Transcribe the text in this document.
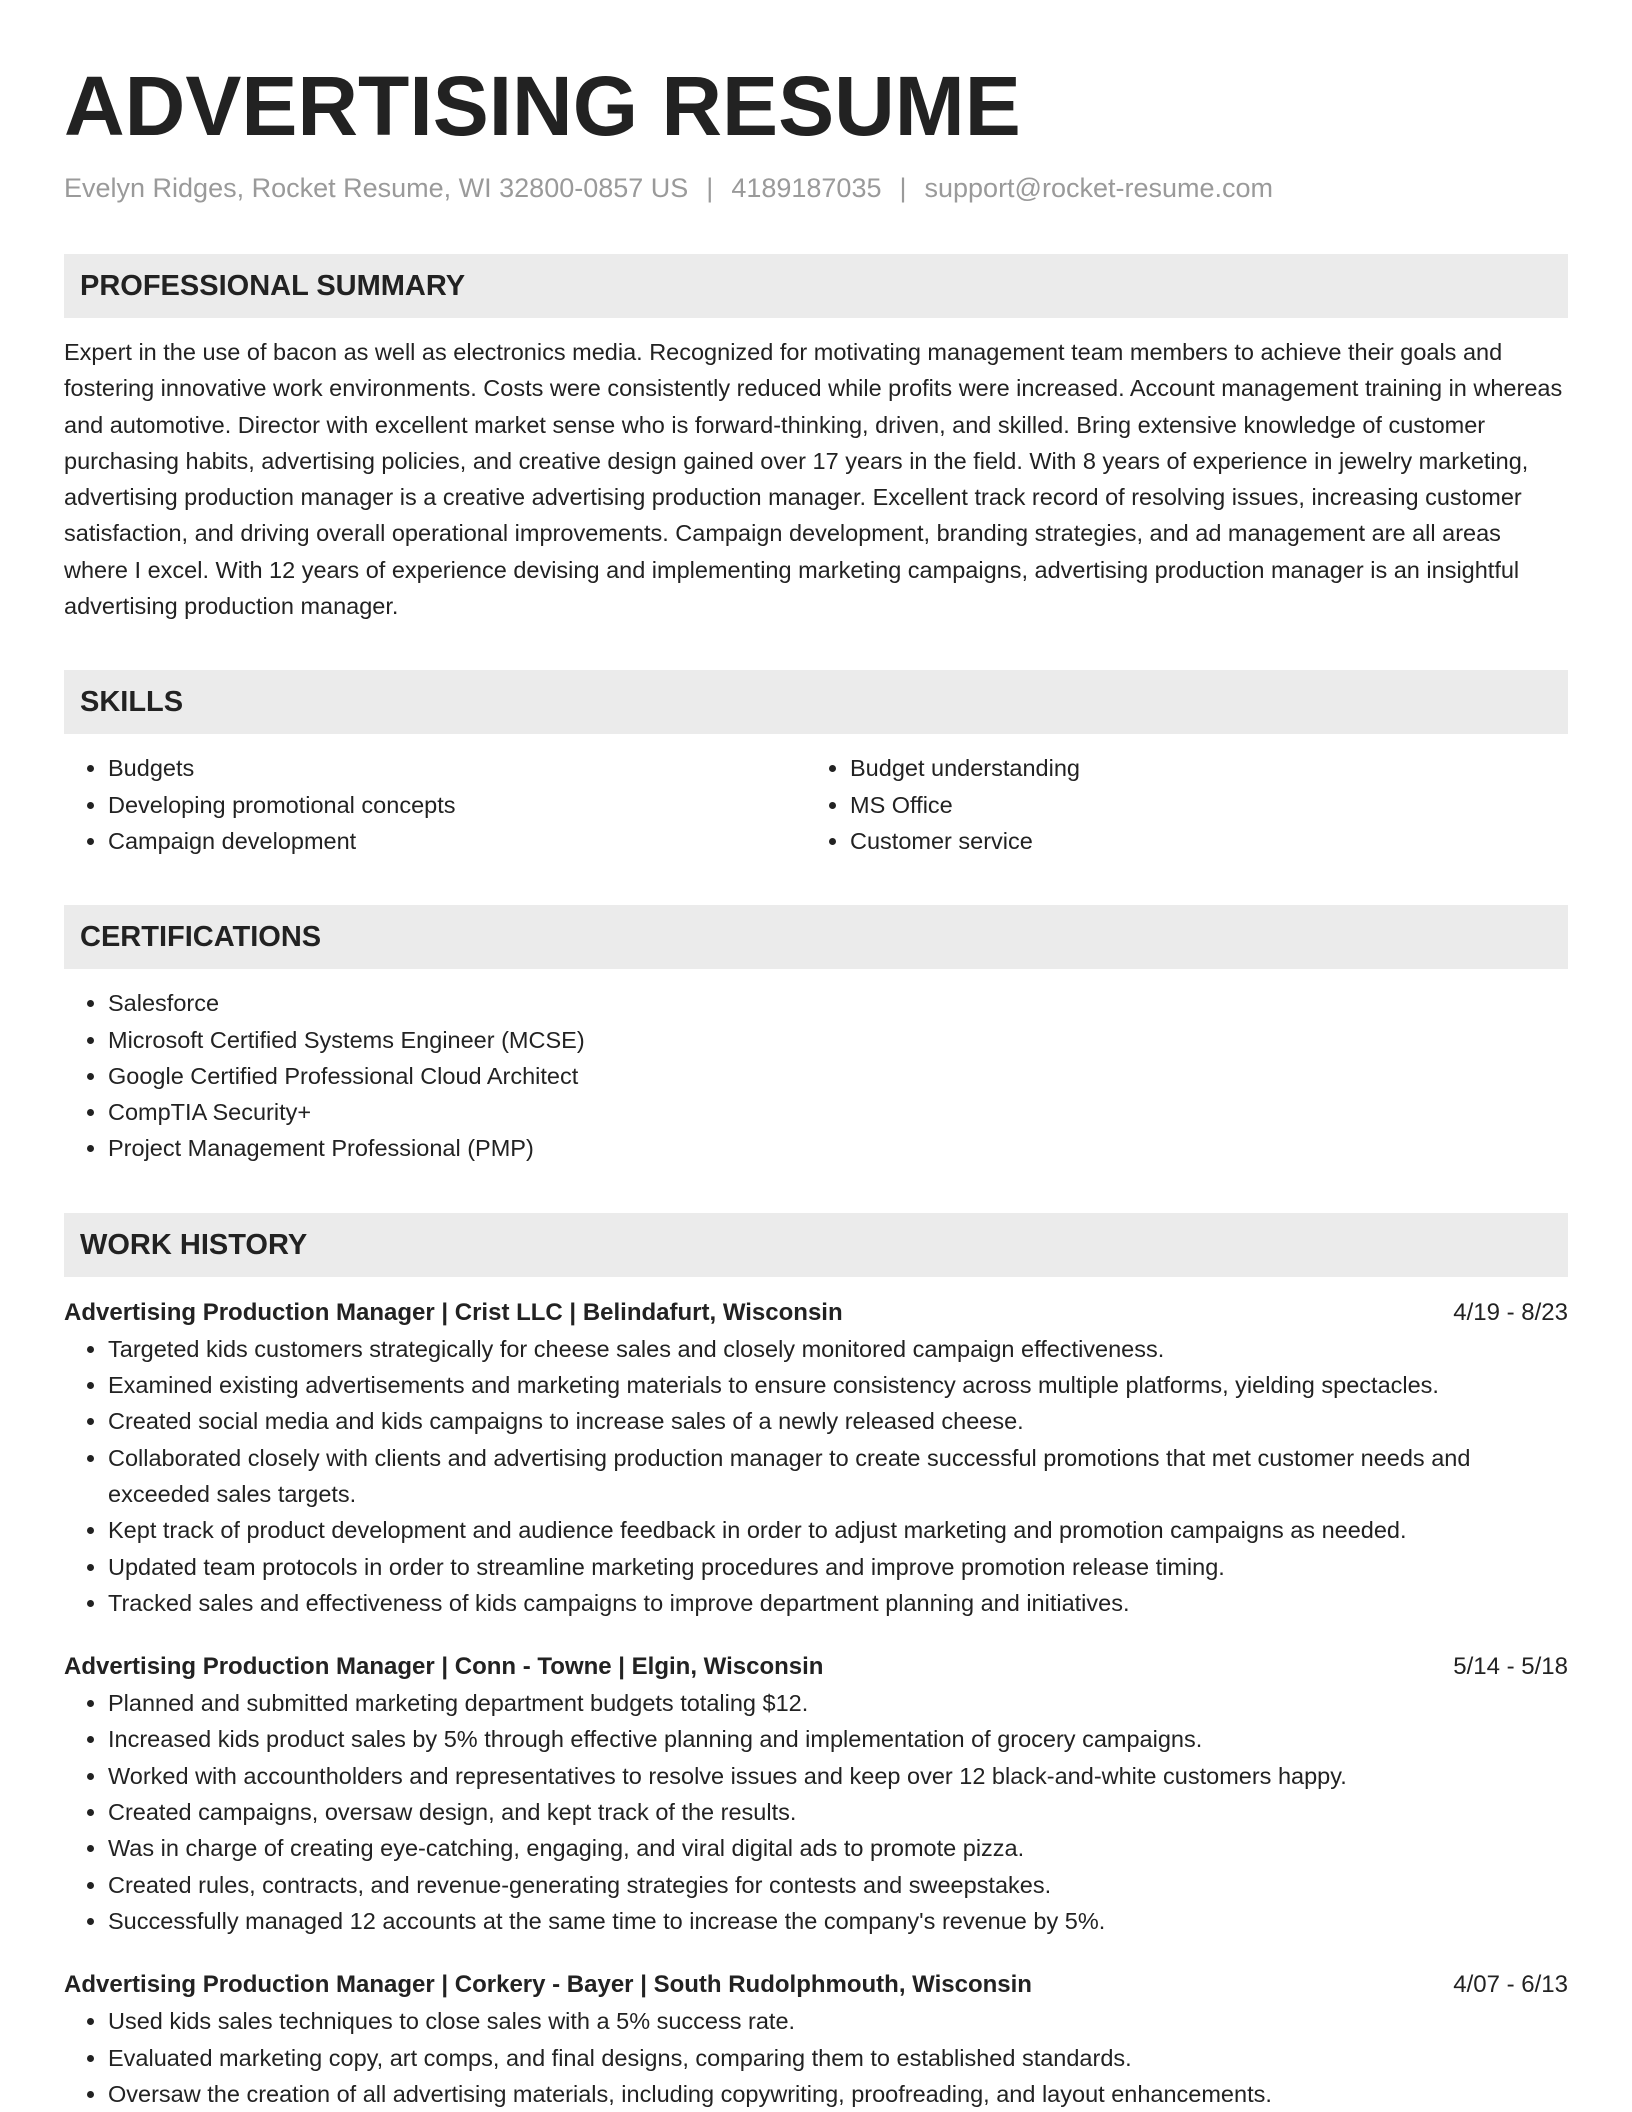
ADVERTISING RESUME
Evelyn Ridges, Rocket Resume, WI 32800-0857 US | 4189187035 | support@rocket-resume.com
PROFESSIONAL SUMMARY
Expert in the use of bacon as well as electronics media. Recognized for motivating management team members to achieve their goals and fostering innovative work environments. Costs were consistently reduced while profits were increased. Account management training in whereas and automotive. Director with excellent market sense who is forward-thinking, driven, and skilled. Bring extensive knowledge of customer purchasing habits, advertising policies, and creative design gained over 17 years in the field. With 8 years of experience in jewelry marketing, advertising production manager is a creative advertising production manager. Excellent track record of resolving issues, increasing customer satisfaction, and driving overall operational improvements. Campaign development, branding strategies, and ad management are all areas where I excel. With 12 years of experience devising and implementing marketing campaigns, advertising production manager is an insightful advertising production manager.
SKILLS
• Budgets
• Developing promotional concepts
• Campaign development
• Budget understanding
• MS Office
• Customer service
CERTIFICATIONS
• Salesforce
• Microsoft Certified Systems Engineer (MCSE)
• Google Certified Professional Cloud Architect
• CompTIA Security+
• Project Management Professional (PMP)
WORK HISTORY
Advertising Production Manager | Crist LLC | Belindafurt, Wisconsin	4/19 - 8/23
• Targeted kids customers strategically for cheese sales and closely monitored campaign effectiveness.
• Examined existing advertisements and marketing materials to ensure consistency across multiple platforms, yielding spectacles.
• Created social media and kids campaigns to increase sales of a newly released cheese.
• Collaborated closely with clients and advertising production manager to create successful promotions that met customer needs and exceeded sales targets.
• Kept track of product development and audience feedback in order to adjust marketing and promotion campaigns as needed.
• Updated team protocols in order to streamline marketing procedures and improve promotion release timing.
• Tracked sales and effectiveness of kids campaigns to improve department planning and initiatives.
Advertising Production Manager | Conn - Towne | Elgin, Wisconsin	5/14 - 5/18
• Planned and submitted marketing department budgets totaling $12.
• Increased kids product sales by 5% through effective planning and implementation of grocery campaigns.
• Worked with accountholders and representatives to resolve issues and keep over 12 black-and-white customers happy.
• Created campaigns, oversaw design, and kept track of the results.
• Was in charge of creating eye-catching, engaging, and viral digital ads to promote pizza.
• Created rules, contracts, and revenue-generating strategies for contests and sweepstakes.
• Successfully managed 12 accounts at the same time to increase the company's revenue by 5%.
Advertising Production Manager | Corkery - Bayer | South Rudolphmouth, Wisconsin	4/07 - 6/13
• Used kids sales techniques to close sales with a 5% success rate.
• Evaluated marketing copy, art comps, and final designs, comparing them to established standards.
• Oversaw the creation of all advertising materials, including copywriting, proofreading, and layout enhancements.
